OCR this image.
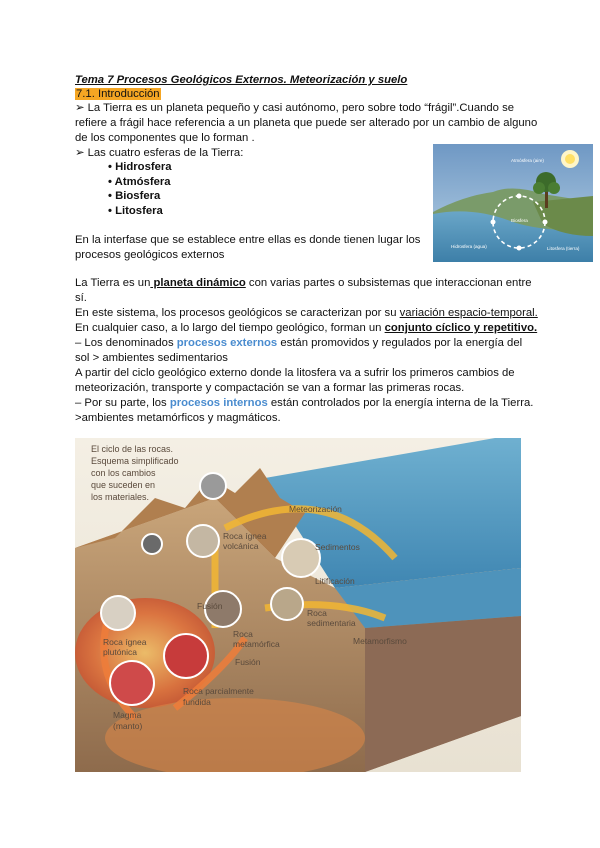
Tema 7 Procesos Geológicos Externos. Meteorización y suelo
7.1. Introducción
➢ La Tierra es un planeta pequeño y casi autónomo, pero sobre todo “frágil”.Cuando se
refiere a frágil hace referencia a un planeta que puede ser alterado por un cambio de alguno
de los componentes que lo forman .
➢ Las cuatro esferas de la Tierra:
• Hidrosfera
• Atmósfera
• Biosfera
• Litosfera
En la interfase que se establece entre ellas es donde tienen lugar los
procesos geológicos externos
Atmósfera (aire)
Biosfera
Hidrosfera (agua)	Litosfera (tierra)
La Tierra es un planeta dinámico con varias partes o subsistemas que interaccionan entre
sí.
En este sistema, los procesos geológicos se caracterizan por su variación espacio-temporal.
En cualquier caso, a lo largo del tiempo geológico, forman un conjunto cíclico y repetitivo.
– Los denominados procesos externos están promovidos y regulados por la energía del
sol > ambientes sedimentarios
A partir del ciclo geológico externo donde la litosfera va a sufrir los primeros cambios de
meteorización, transporte y compactación se van a formar las primeras rocas.
– Por su parte, los procesos internos están controlados por la energía interna de la Tierra.
>ambientes metamórficos y magmáticos.
El ciclo de las rocas.
Esquema simplificado
con los cambios
que suceden en
los materiales.
Meteorización
Sedimentos
Litificación
Roca ígnea
volcánica
Roca
sedimentaria
Fusión
Roca ígnea
plutónica
Roca
metamórfica
Fusión
Metamorfismo
Roca parcialmente
fundida
Magma
(manto)
